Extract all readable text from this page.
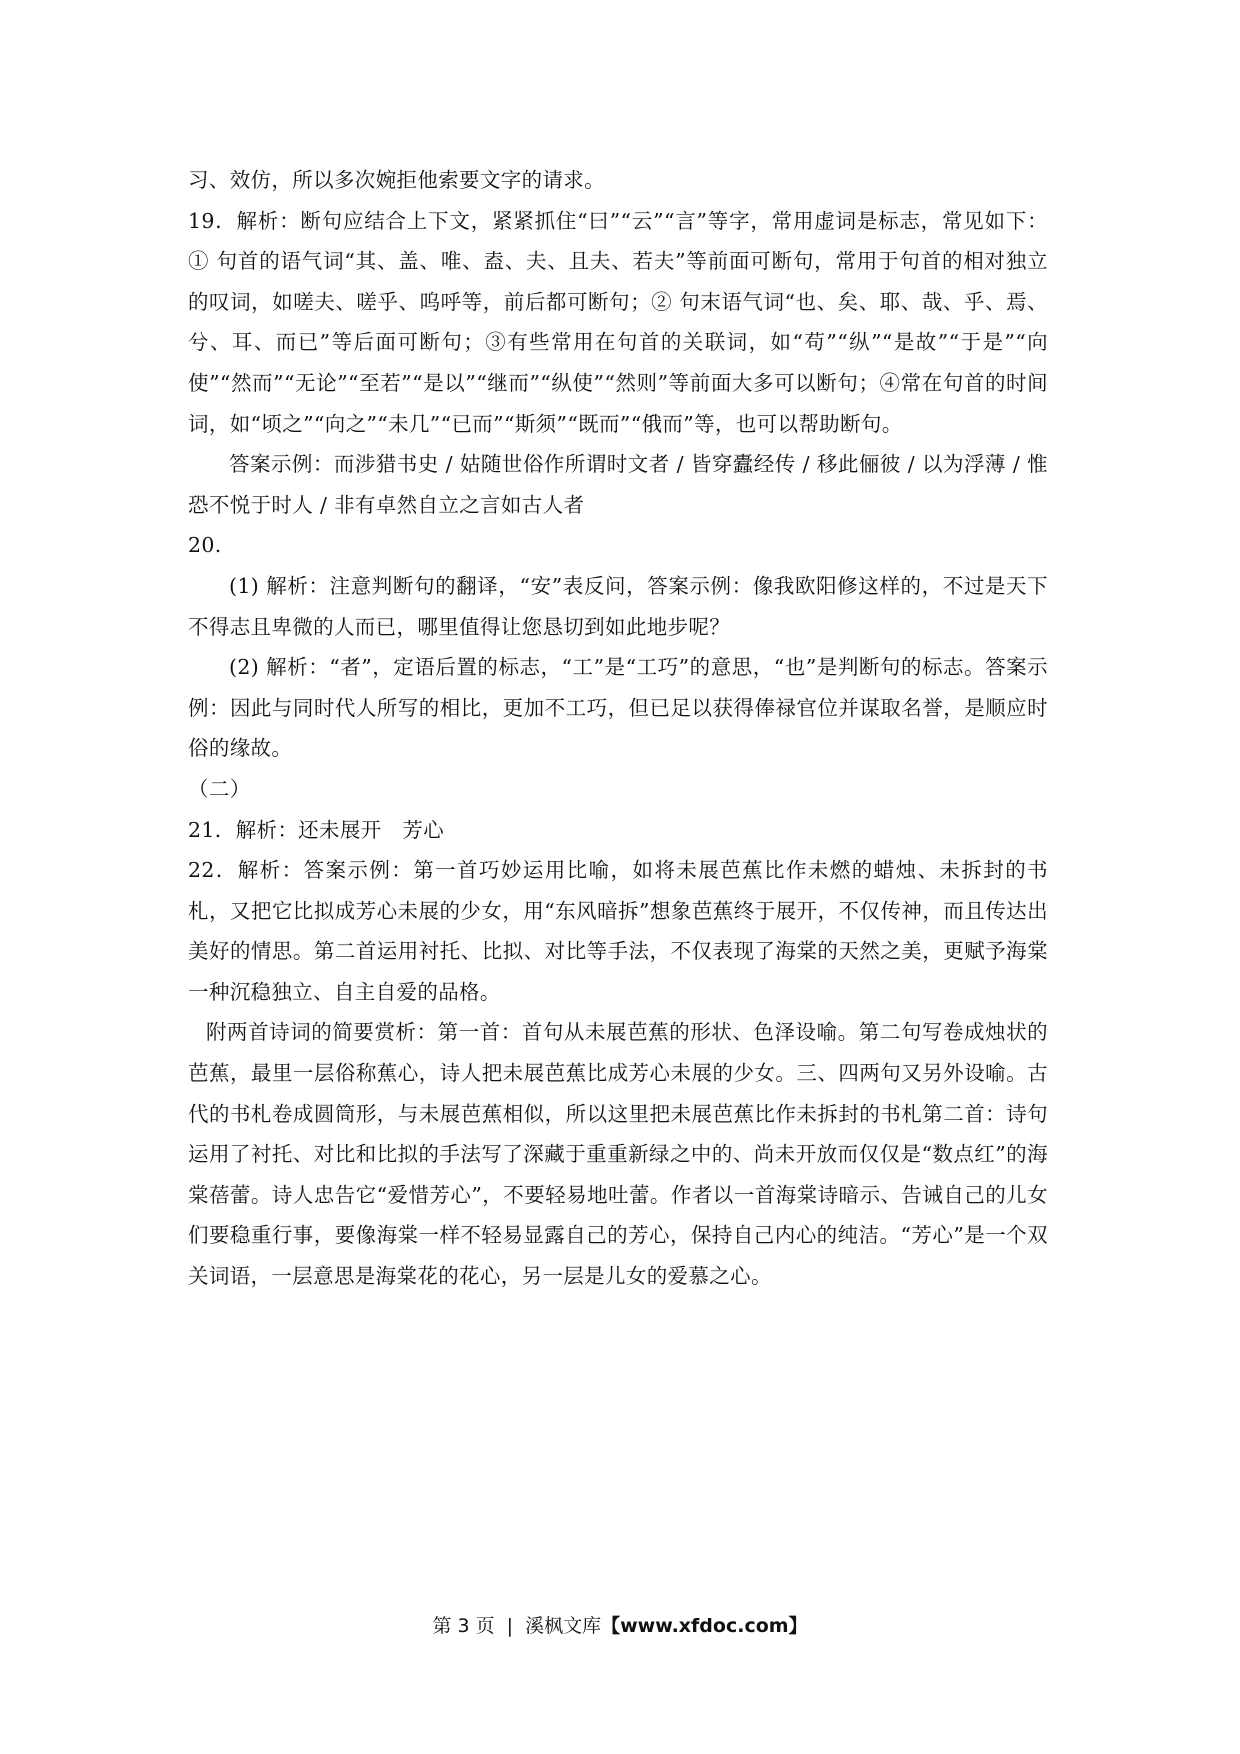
习、效仿，所以多次婉拒他索要文字的请求。

19．解析：断句应结合上下文，紧紧抓住“曰”“云”“言”等字，常用虚词是标志，常见如下：① 句首的语气词“其、盖、唯、盍、夫、且夫、若夫”等前面可断句，常用于句首的相对独立的叹词，如嗟夫、嗟乎、呜呼等，前后都可断句；② 句末语气词“也、矣、耶、哉、乎、焉、兮、耳、而已”等后面可断句；③有些常用在句首的关联词，如“苟”“纵”“是故”“于是”“向使”“然而”“无论”“至若”“是以”“继而”“纵使”“然则”等前面大多可以断句；④常在句首的时间词，如“顷之”“向之”“未几”“已而”“斯须”“既而”“俄而”等，也可以帮助断句。

答案示例：而涉猎书史 / 姑随世俗作所谓时文者 / 皆穿蠹经传 / 移此俪彼 / 以为浮薄 / 惟恐不悦于时人 / 非有卓然自立之言如古人者

20.

(1) 解析：注意判断句的翻译，“安”表反问，答案示例：像我欧阳修这样的，不过是天下不得志且卑微的人而已，哪里值得让您恳切到如此地步呢？

(2) 解析：“者”，定语后置的标志，“工”是“工巧”的意思，“也”是判断句的标志。答案示例：因此与同时代人所写的相比，更加不工巧，但已足以获得俸禄官位并谋取名誉，是顺应时俗的缘故。

（二）

21．解析：还未展开　芳心

22．解析：答案示例：第一首巧妙运用比喻，如将未展芭蕉比作未燃的蜡烛、未拆封的书札，又把它比拟成芳心未展的少女，用“东风暗拆”想象芭蕉终于展开，不仅传神，而且传达出美好的情思。第二首运用衬托、比拟、对比等手法，不仅表现了海棠的天然之美，更赋予海棠一种沉稳独立、自主自爱的品格。

附两首诗词的简要赏析：第一首：首句从未展芭蕉的形状、色泽设喻。第二句写卷成烛状的芭蕉，最里一层俗称蕉心，诗人把未展芭蕉比成芳心未展的少女。三、四两句又另外设喻。古代的书札卷成圆筒形，与未展芭蕉相似，所以这里把未展芭蕉比作未拆封的书札第二首：诗句运用了衬托、对比和比拟的手法写了深藏于重重新绿之中的、尚未开放而仅仅是“数点红”的海棠蓓蕾。诗人忠告它“爱惜芳心”，不要轻易地吐蕾。作者以一首海棠诗暗示、告诫自己的儿女们要稳重行事，要像海棠一样不轻易显露自己的芳心，保持自己内心的纯洁。“芳心”是一个双关词语，一层意思是海棠花的花心，另一层是儿女的爱慕之心。

第 3 页 | 溪枫文库【www.xfdoc.com】
